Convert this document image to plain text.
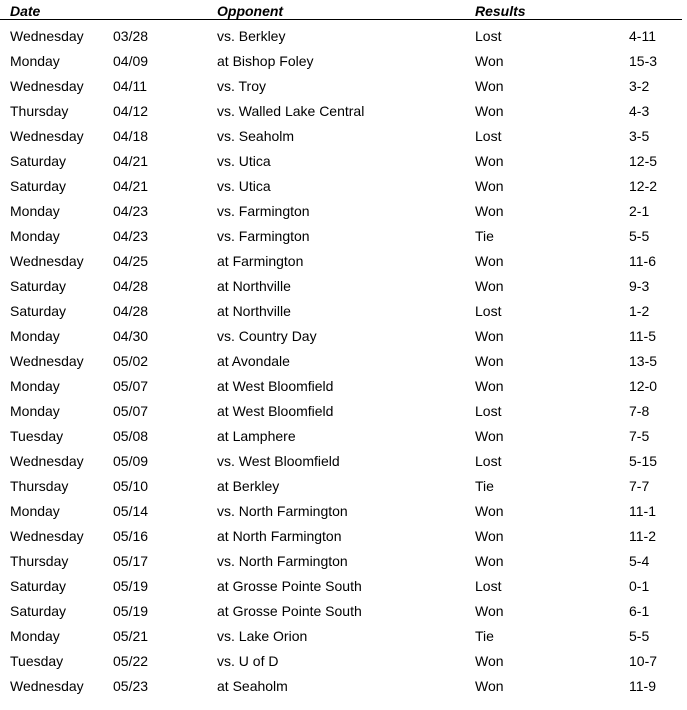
Date	Opponent	Results
Wednesday 03/28	vs. Berkley	Lost	4-11
Monday	04/09	at Bishop Foley	Won	15-3
Wednesday 04/11	vs. Troy	Won	3-2
Thursday	04/12	vs. Walled Lake Central	Won	4-3
Wednesday 04/18	vs. Seaholm	Lost	3-5
Saturday	04/21	vs. Utica	Won	12-5
Saturday	04/21	vs. Utica	Won	12-2
Monday	04/23	vs. Farmington	Won	2-1
Monday	04/23	vs. Farmington	Tie	5-5
Wednesday 04/25	at Farmington	Won	11-6
Saturday	04/28	at Northville	Won	9-3
Saturday	04/28	at Northville	Lost	1-2
Monday	04/30	vs. Country Day	Won	11-5
Wednesday 05/02	at Avondale	Won	13-5
Monday	05/07	at West Bloomfield	Won	12-0
Monday	05/07	at West Bloomfield	Lost	7-8
Tuesday	05/08	at Lamphere	Won	7-5
Wednesday 05/09	vs. West Bloomfield	Lost	5-15
Thursday	05/10	at Berkley	Tie	7-7
Monday	05/14	vs. North Farmington	Won	11-1
Wednesday 05/16	at North Farmington	Won	11-2
Thursday	05/17	vs. North Farmington	Won	5-4
Saturday	05/19	at Grosse Pointe South	Lost	0-1
Saturday	05/19	at Grosse Pointe South	Won	6-1
Monday	05/21	vs. Lake Orion	Tie	5-5
Tuesday	05/22	vs. U of D	Won	10-7
Wednesday 05/23	at Seaholm	Won	11-9
